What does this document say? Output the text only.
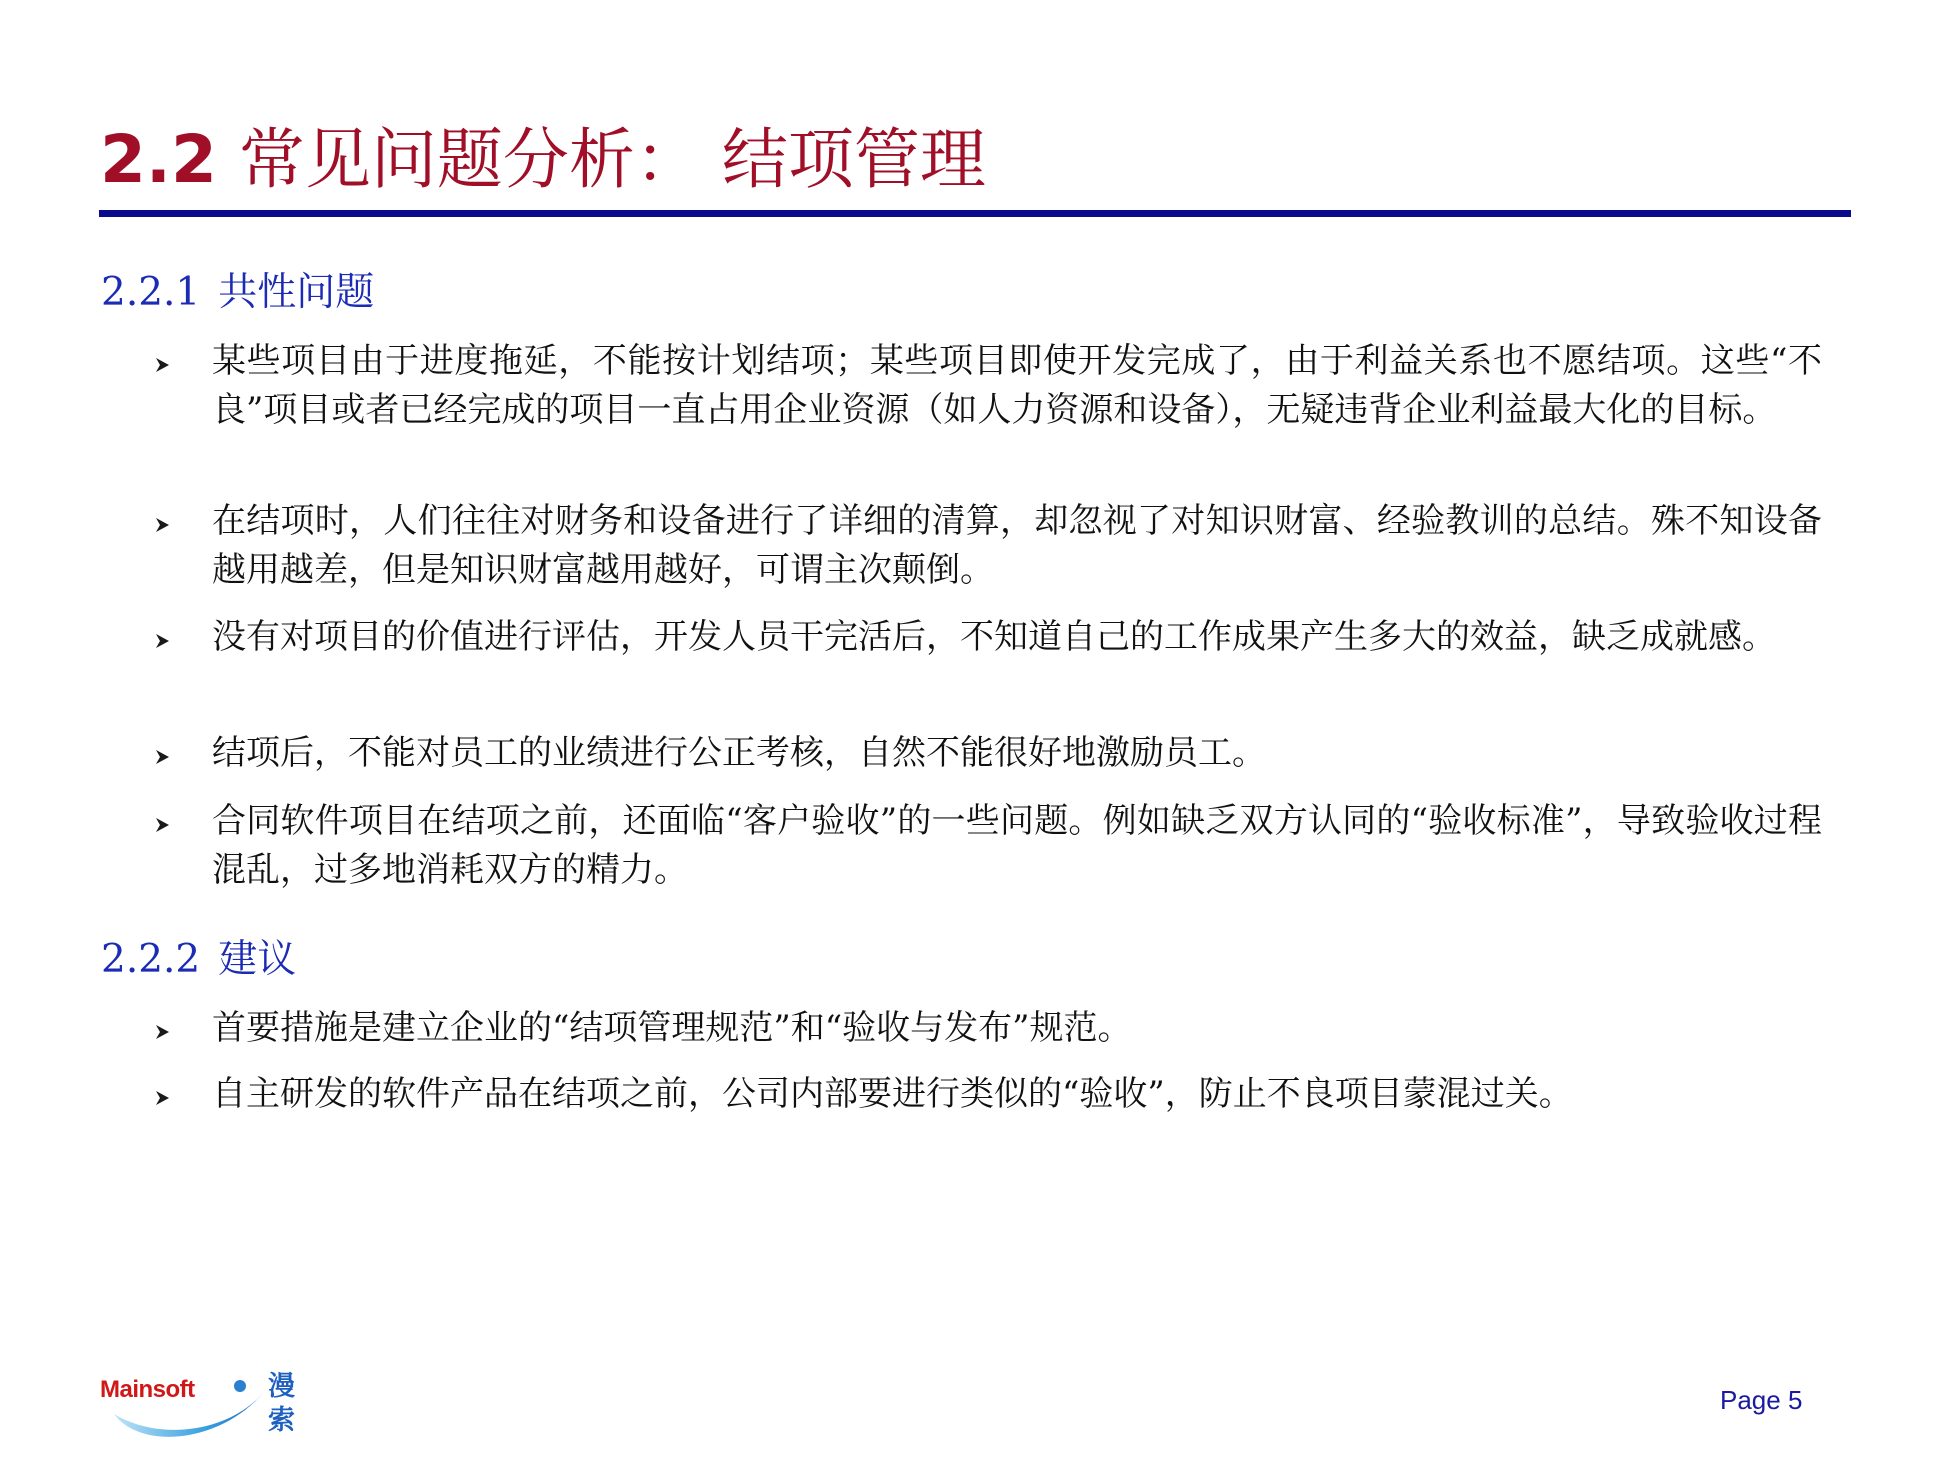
2.2 常见问题分析： 结项管理
2.2.1 共性问题
某些项目由于进度拖延，不能按计划结项；某些项目即使开发完成了，由于利益关系也不愿结项。这些“不良”项目或者已经完成的项目一直占用企业资源（如人力资源和设备），无疑违背企业利益最大化的目标。
在结项时，人们往往对财务和设备进行了详细的清算，却忽视了对知识财富、经验教训的总结。殊不知设备越用越差，但是知识财富越用越好，可谓主次颠倒。
没有对项目的价值进行评估，开发人员干完活后，不知道自己的工作成果产生多大的效益，缺乏成就感。
结项后，不能对员工的业绩进行公正考核，自然不能很好地激励员工。
合同软件项目在结项之前，还面临“客户验收”的一些问题。例如缺乏双方认同的“验收标准”，导致验收过程混乱，过多地消耗双方的精力。
2.2.2 建议
首要措施是建立企业的“结项管理规范”和“验收与发布”规范。
自主研发的软件产品在结项之前，公司内部要进行类似的“验收”，防止不良项目蒙混过关。
Mainsoft	漫
索
Page 5
